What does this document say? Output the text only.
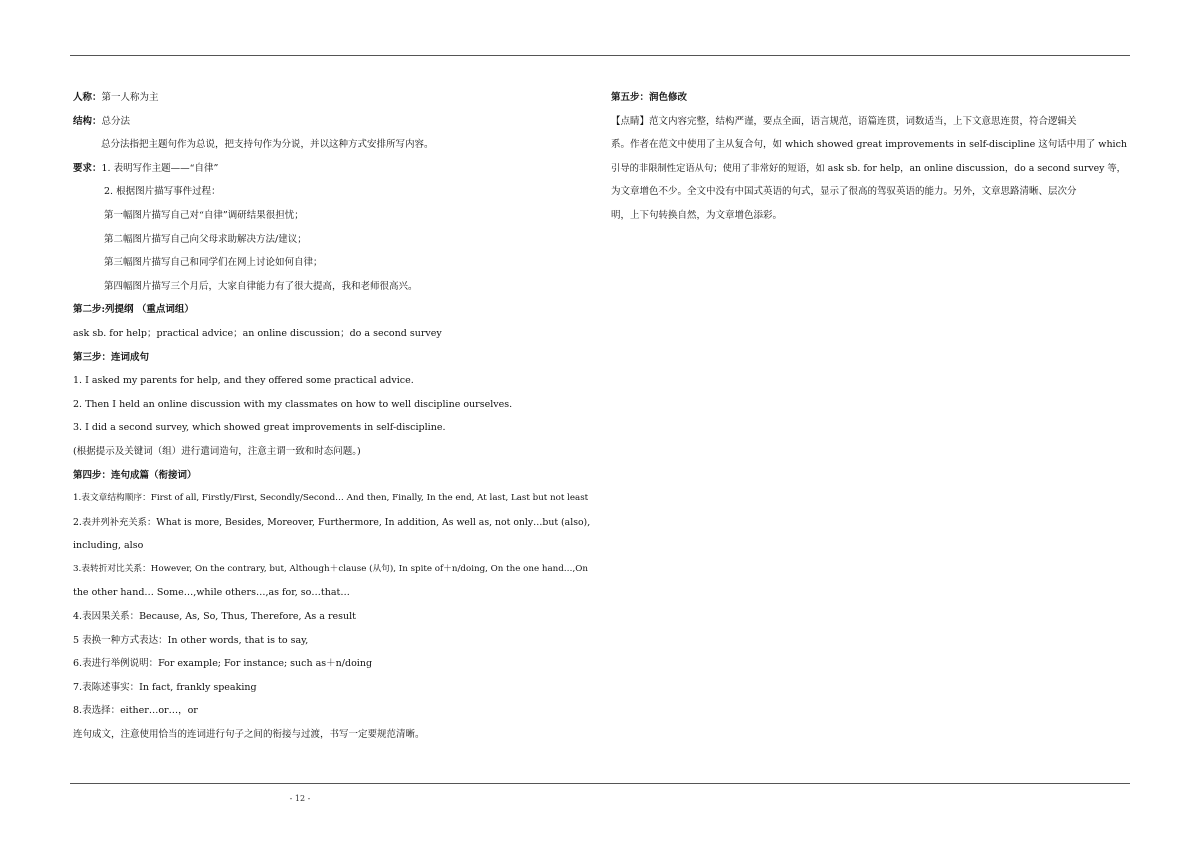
人称：第一人称为主
结构：总分法
总分法指把主题句作为总说，把支持句作为分说，并以这种方式安排所写内容。
要求：1. 表明写作主题——“自律”
2. 根据图片描写事件过程：
第一幅图片描写自己对“自律”调研结果很担忧；
第二幅图片描写自己向父母求助解决方法/建议；
第三幅图片描写自己和同学们在网上讨论如何自律；
第四幅图片描写三个月后，大家自律能力有了很大提高，我和老师很高兴。
第二步:列提纲 （重点词组）
ask sb. for help；practical advice；an online discussion；do a second survey
第三步：连词成句
1. I asked my parents for help, and they offered some practical advice.
2. Then I held an online discussion with my classmates on how to well discipline ourselves.
3. I did a second survey, which showed great improvements in self-discipline.
(根据提示及关键词（组）进行遣词造句，注意主谓一致和时态问题。)
第四步：连句成篇（衔接词）
1.表文章结构顺序：First of all, Firstly/First, Secondly/Second… And then, Finally, In the end, At last, Last but not least
2.表并列补充关系：What is more, Besides, Moreover, Furthermore, In addition, As well as, not only…but (also),
including, also
3.表转折对比关系：However, On the contrary, but, Although＋clause (从句), In spite of＋n/doing, On the one hand…,On
the other hand… Some…,while others…,as for, so…that…
4.表因果关系：Because, As, So, Thus, Therefore, As a result
5 表换一种方式表达：In other words, that is to say,
6.表进行举例说明：For example; For instance; such as＋n/doing
7.表陈述事实：In fact, frankly speaking
8.表选择：either…or…，or
连句成文，注意使用恰当的连词进行句子之间的衔接与过渡，书写一定要规范清晰。
第五步：润色修改
【点睛】范文内容完整，结构严谨，要点全面，语言规范，语篇连贯，词数适当，上下文意思连贯，符合逻辑关
系。作者在范文中使用了主从复合句，如 which showed great improvements in self-discipline 这句话中用了 which
引导的非限制性定语从句；使用了非常好的短语，如 ask sb. for help，an online discussion，do a second survey 等，
为文章增色不少。全文中没有中国式英语的句式，显示了很高的驾驭英语的能力。另外，文章思路清晰、层次分
明，上下句转换自然，为文章增色添彩。
- 12 -
